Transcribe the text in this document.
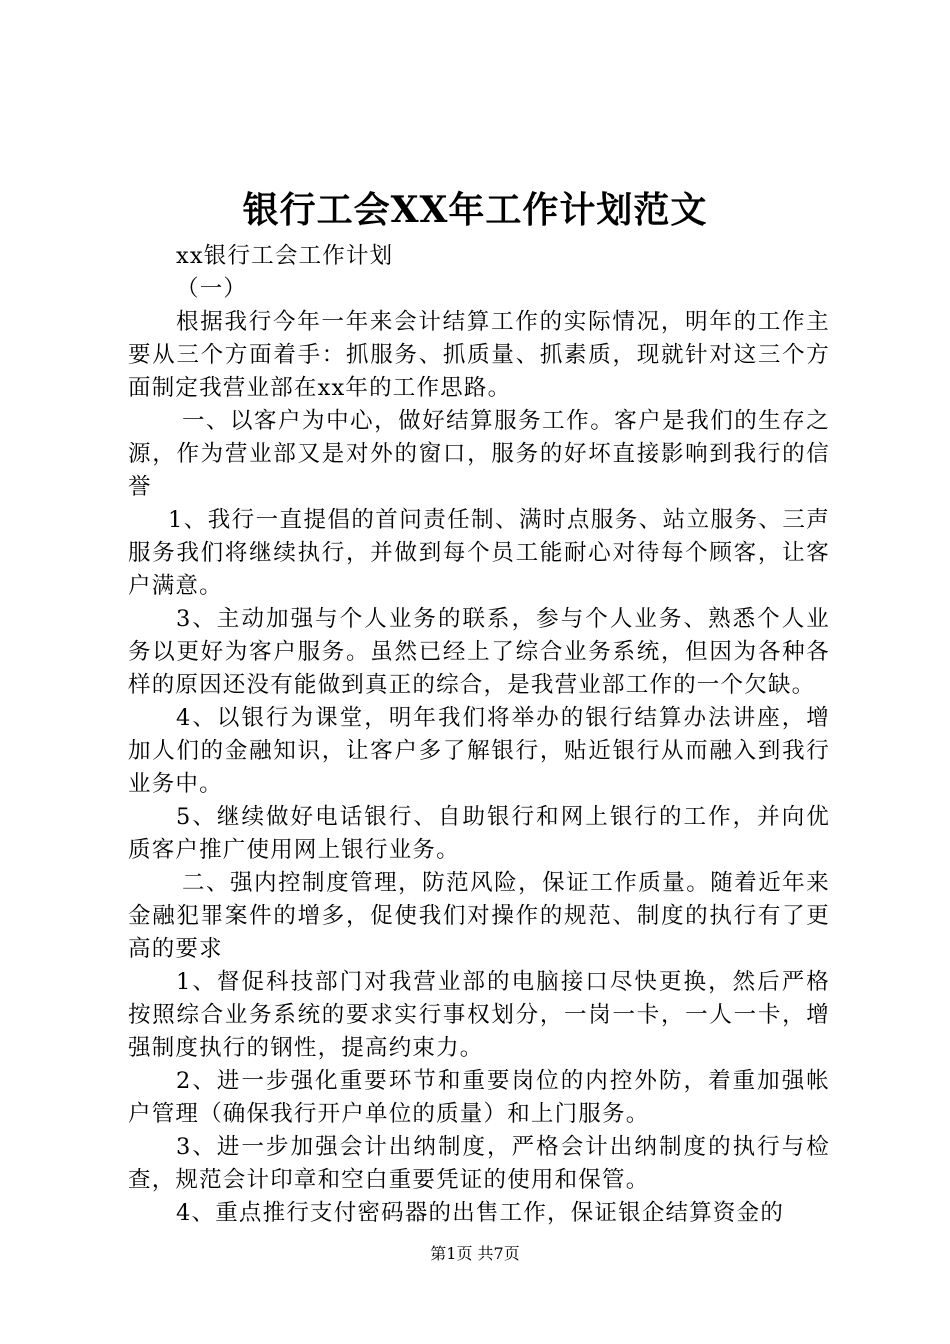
银行工会XX年工作计划范文

xx银行工会工作计划

（一）

根据我行今年一年来会计结算工作的实际情况，明年的工作主要从三个方面着手：抓服务、抓质量、抓素质，现就针对这三个方面制定我营业部在xx年的工作思路。

一、以客户为中心，做好结算服务工作。客户是我们的生存之源，作为营业部又是对外的窗口，服务的好坏直接影响到我行的信誉

1、我行一直提倡的首问责任制、满时点服务、站立服务、三声服务我们将继续执行，并做到每个员工能耐心对待每个顾客，让客户满意。

3、主动加强与个人业务的联系，参与个人业务、熟悉个人业务以更好为客户服务。虽然已经上了综合业务系统，但因为各种各样的原因还没有能做到真正的综合，是我营业部工作的一个欠缺。

4、以银行为课堂，明年我们将举办的银行结算办法讲座，增加人们的金融知识，让客户多了解银行，贴近银行从而融入到我行业务中。

5、继续做好电话银行、自助银行和网上银行的工作，并向优质客户推广使用网上银行业务。

二、强内控制度管理，防范风险，保证工作质量。随着近年来金融犯罪案件的增多，促使我们对操作的规范、制度的执行有了更高的要求

1、督促科技部门对我营业部的电脑接口尽快更换，然后严格按照综合业务系统的要求实行事权划分，一岗一卡，一人一卡，增强制度执行的钢性，提高约束力。

2、进一步强化重要环节和重要岗位的内控外防，着重加强帐户管理（确保我行开户单位的质量）和上门服务。

3、进一步加强会计出纳制度，严格会计出纳制度的执行与检查，规范会计印章和空白重要凭证的使用和保管。

4、重点推行支付密码器的出售工作，保证银企结算资金的

第1页 共7页
